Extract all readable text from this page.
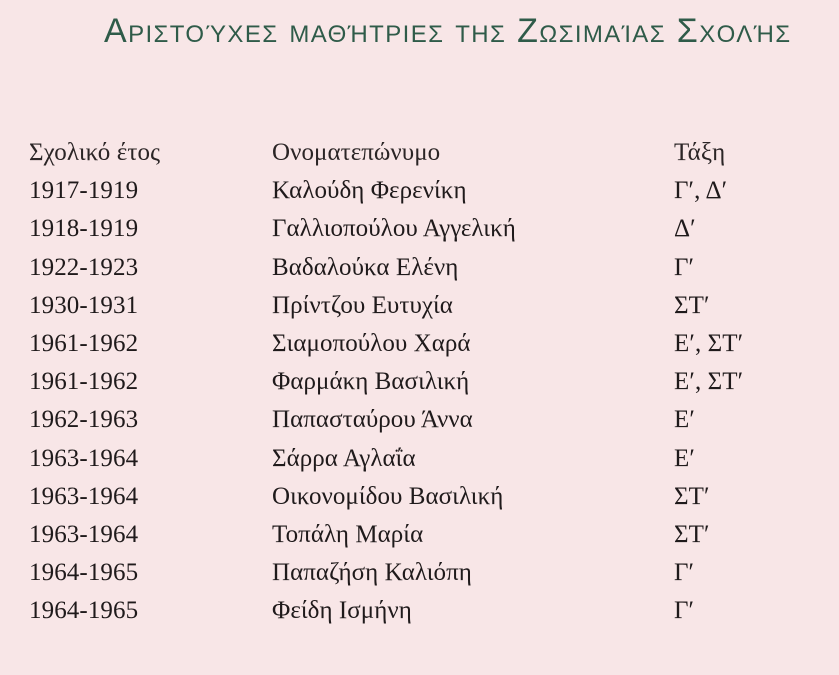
Αριστούχες μαθήτριες της Ζωσιμαίας Σχολής
Σχολικό έτος	Ονοματεπώνυμο	Τάξη
1917-1919	Καλούδη Φερενίκη	Γ′, Δ′
1918-1919	Γαλλιοπούλου Αγγελική	Δ′
1922-1923	Βαδαλούκα Ελένη	Γ′
1930-1931	Πρίντζου Ευτυχία	ΣΤ′
1961-1962	Σιαμοπούλου Χαρά	Ε′, ΣΤ′
1961-1962	Φαρμάκη Βασιλική	Ε′, ΣΤ′
1962-1963	Παπασταύρου Άννα	Ε′
1963-1964	Σάρρα Αγλαΐα	Ε′
1963-1964	Οικονομίδου Βασιλική	ΣΤ′
1963-1964	Τοπάλη Μαρία	ΣΤ′
1964-1965	Παπαζήση Καλιόπη	Γ′
1964-1965	Φείδη Ισμήνη	Γ′
